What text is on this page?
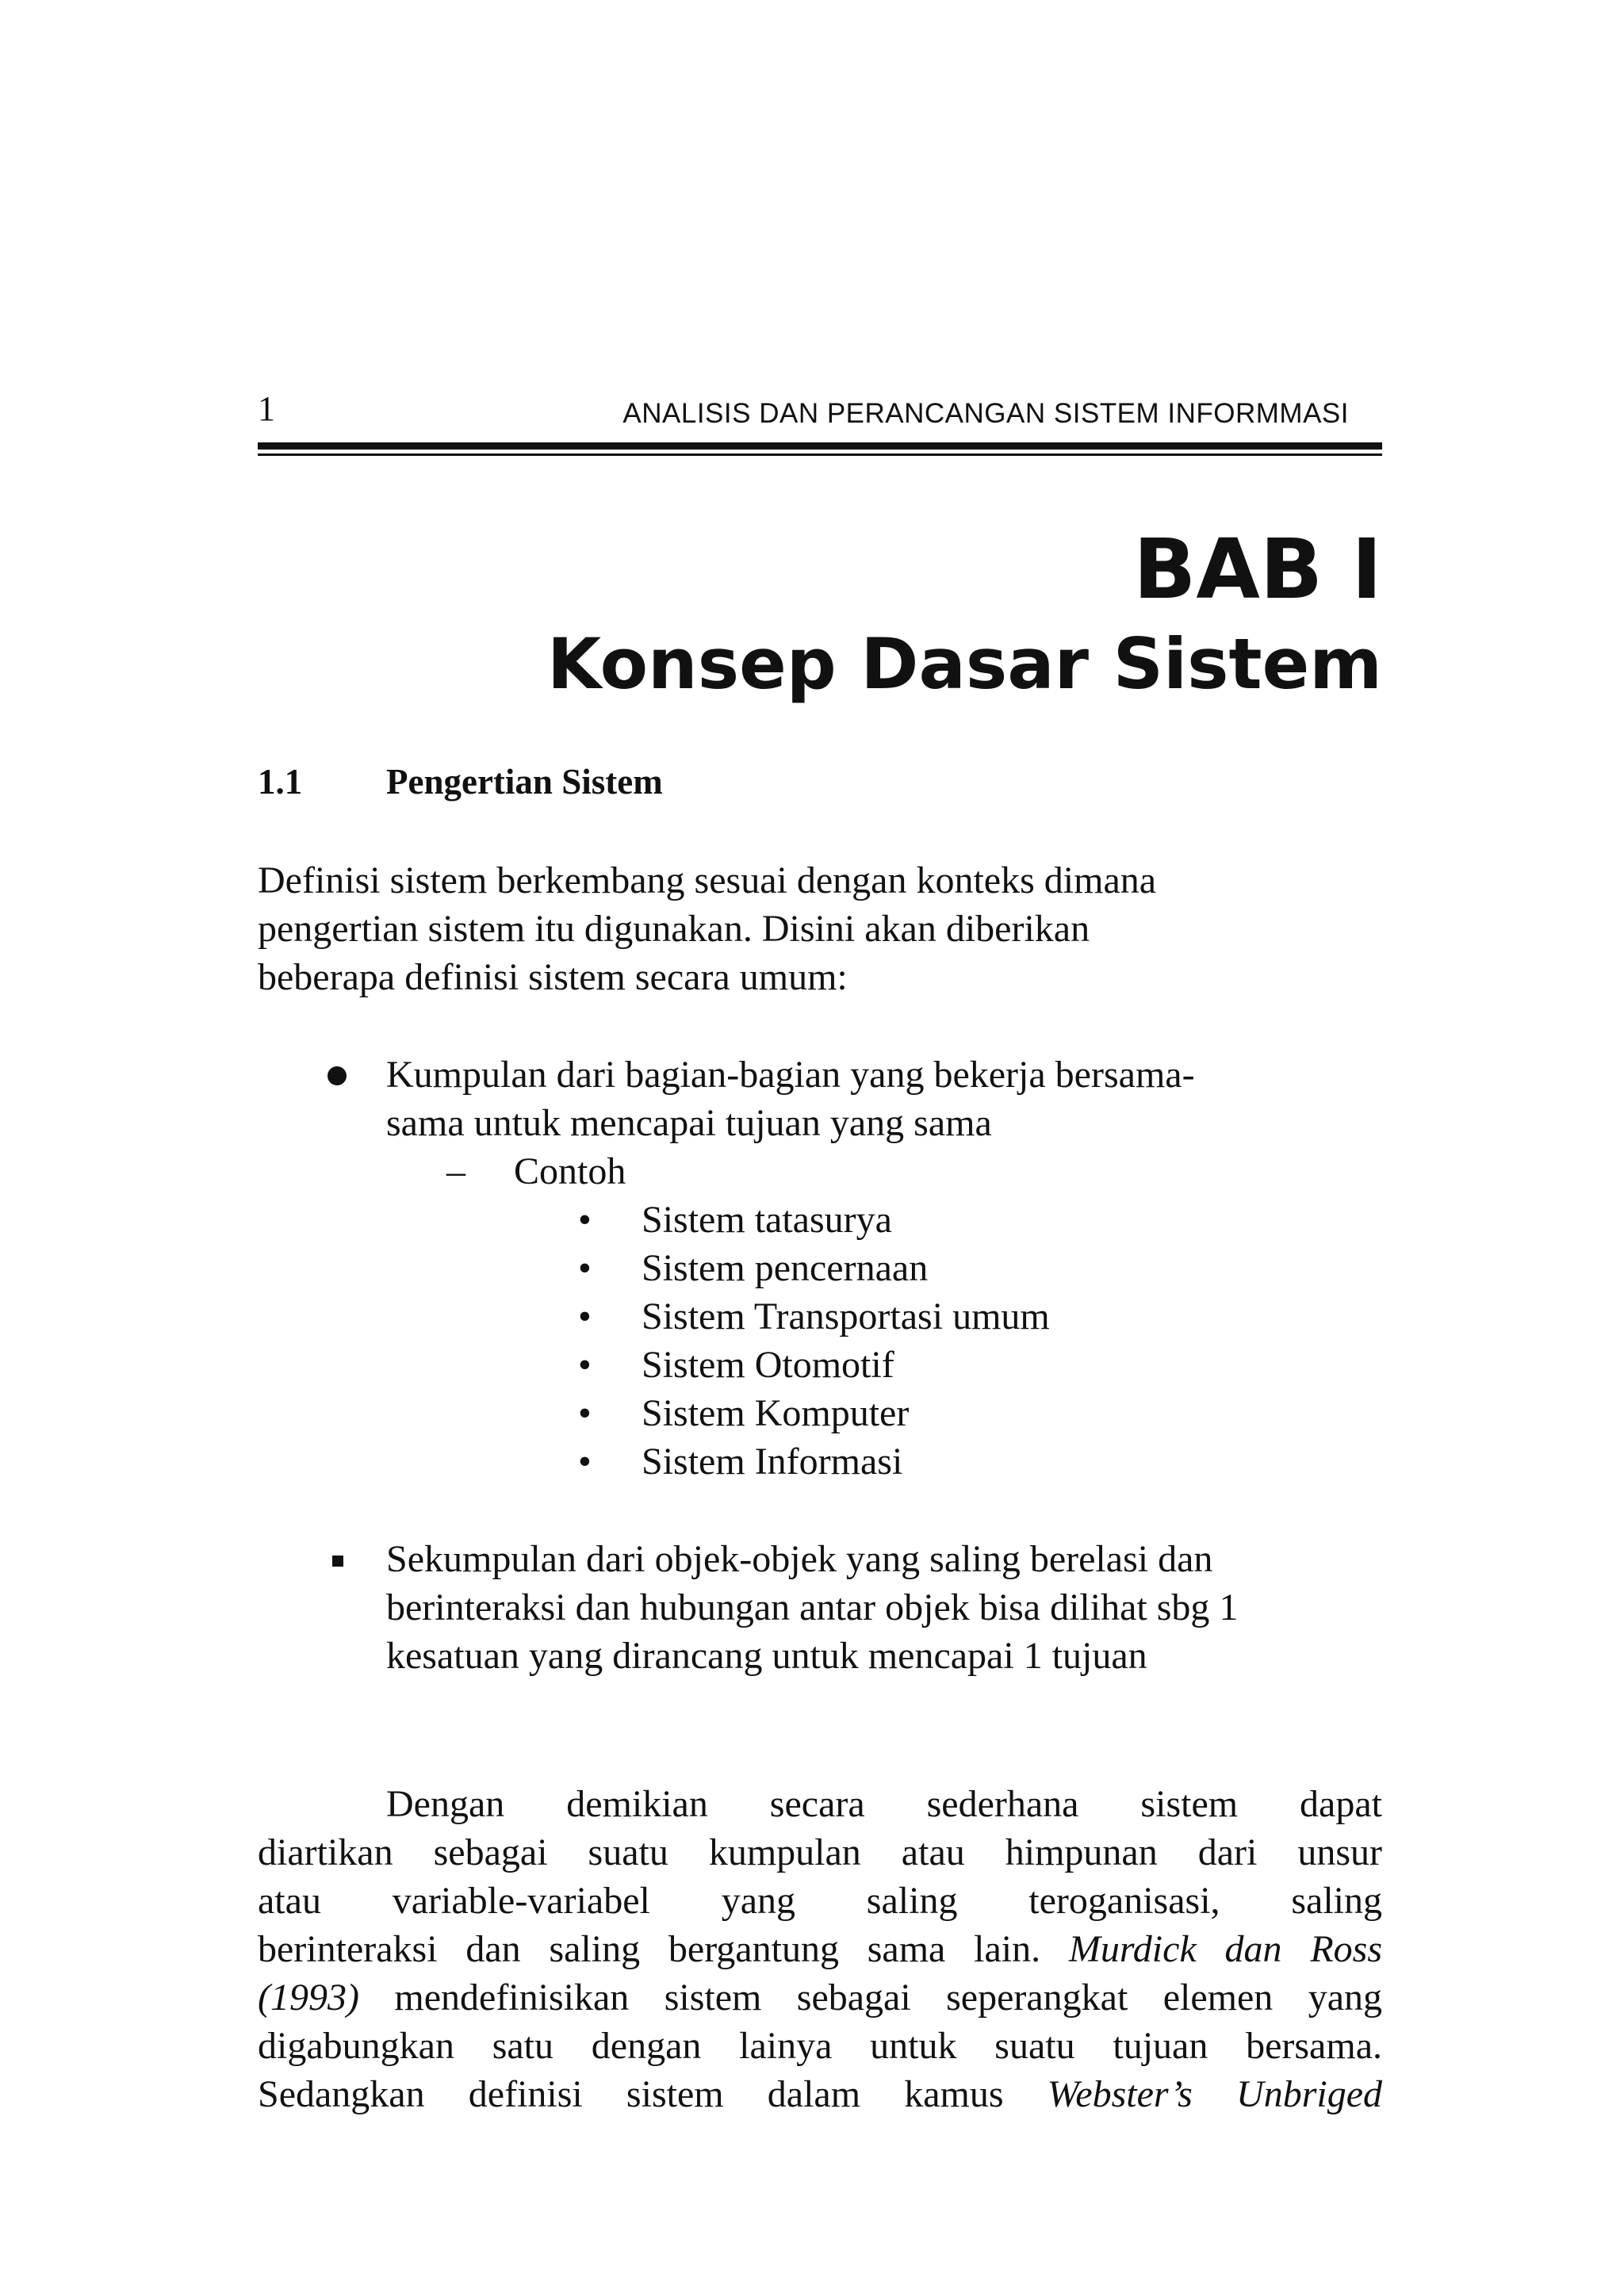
1	ANALISIS DAN PERANCANGAN SISTEM INFORMMASI
BAB I
Konsep Dasar Sistem
1.1 Pengertian Sistem
Definisi sistem berkembang sesuai dengan konteks dimana
pengertian sistem itu digunakan. Disini akan diberikan
beberapa definisi sistem secara umum:
Kumpulan dari bagian-bagian yang bekerja bersama-
sama untuk mencapai tujuan yang sama
– Contoh
• Sistem tatasurya
• Sistem pencernaan
• Sistem Transportasi umum
• Sistem Otomotif
• Sistem Komputer
• Sistem Informasi
Sekumpulan dari objek-objek yang saling berelasi dan
berinteraksi dan hubungan antar objek bisa dilihat sbg 1
kesatuan yang dirancang untuk mencapai 1 tujuan
Dengan demikian secara sederhana sistem dapat
diartikan sebagai suatu kumpulan atau himpunan dari unsur
atau variable-variabel yang saling teroganisasi, saling
berinteraksi dan saling bergantung sama lain. Murdick dan Ross
(1993) mendefinisikan sistem sebagai seperangkat elemen yang
digabungkan satu dengan lainya untuk suatu tujuan bersama.
Sedangkan definisi sistem dalam kamus Webster’s Unbriged
